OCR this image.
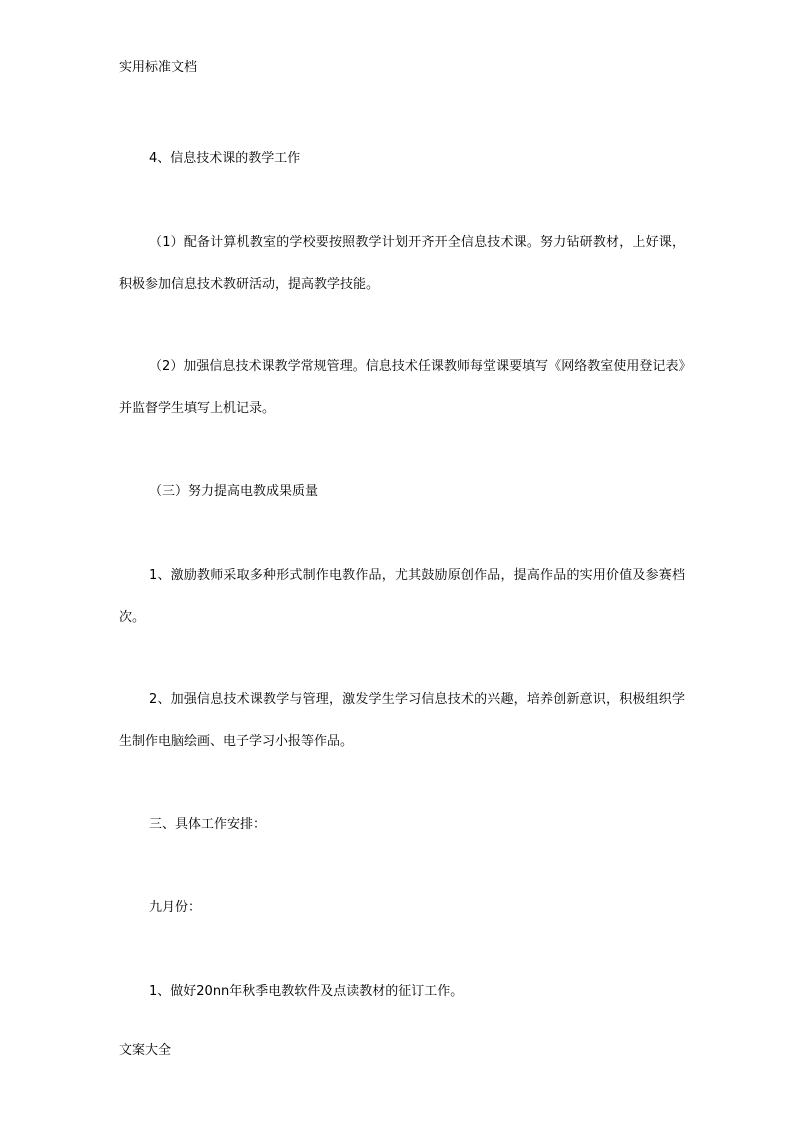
实用标准文档

4、信息技术课的教学工作

（1）配备计算机教室的学校要按照教学计划开齐开全信息技术课。努力钻研教材，上好课，积极参加信息技术教研活动，提高教学技能。

（2）加强信息技术课教学常规管理。信息技术任课教师每堂课要填写《网络教室使用登记表》并监督学生填写上机记录。

（三）努力提高电教成果质量

1、激励教师采取多种形式制作电教作品，尤其鼓励原创作品，提高作品的实用价值及参赛档次。

2、加强信息技术课教学与管理，激发学生学习信息技术的兴趣，培养创新意识，积极组织学生制作电脑绘画、电子学习小报等作品。

三、具体工作安排：

九月份：

1、做好20nn年秋季电教软件及点读教材的征订工作。

文案大全
